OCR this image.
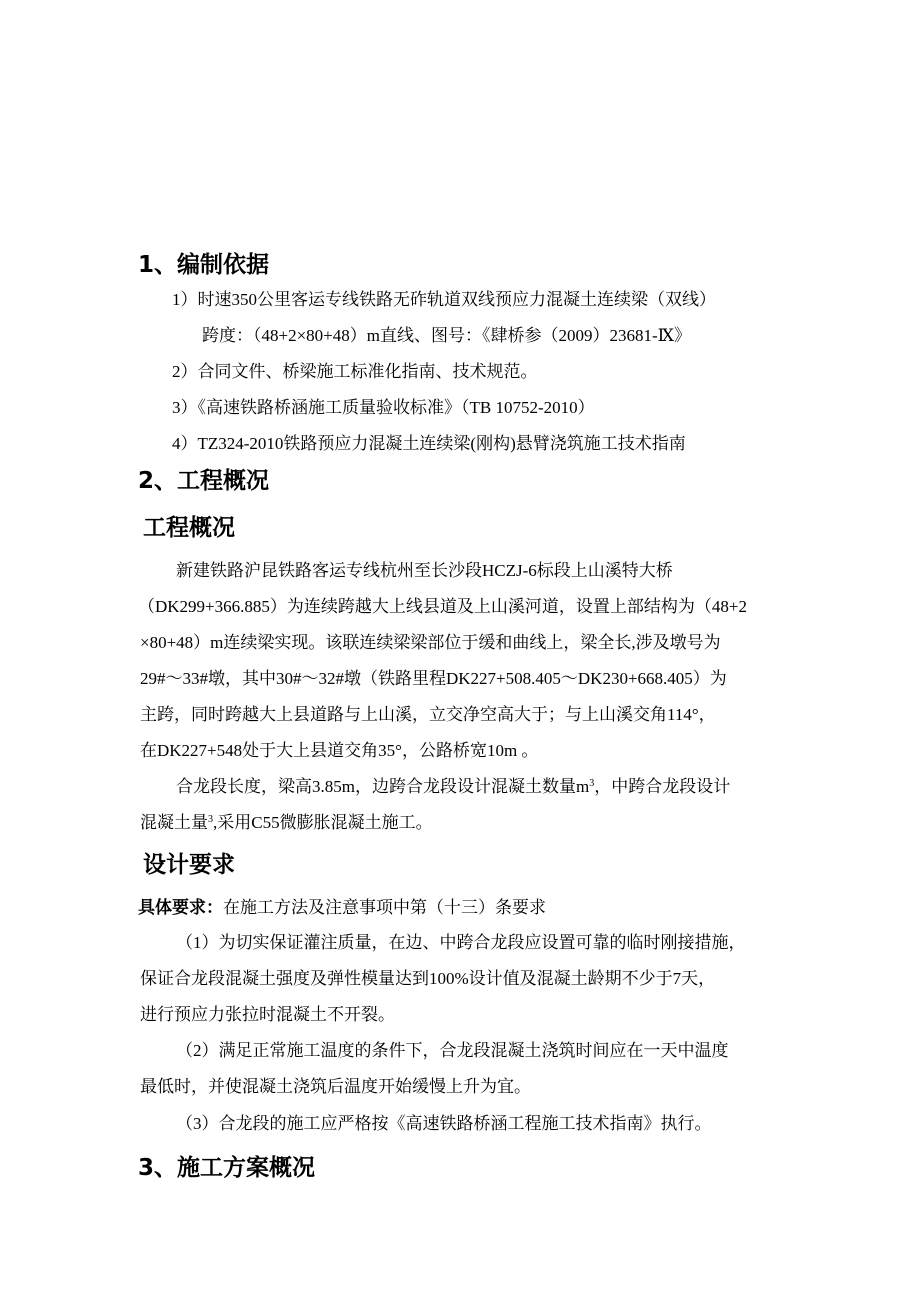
1、编制依据
1）时速350公里客运专线铁路无砟轨道双线预应力混凝土连续梁（双线）
跨度：（48+2×80+48）m直线、图号：《肆桥参（2009）23681-Ⅸ》
2）合同文件、桥梁施工标准化指南、技术规范。
3）《高速铁路桥涵施工质量验收标准》（TB 10752-2010）
4）TZ324-2010铁路预应力混凝土连续梁(刚构)悬臂浇筑施工技术指南
2、工程概况
工程概况
新建铁路沪昆铁路客运专线杭州至长沙段HCZJ-6标段上山溪特大桥
（DK299+366.885）为连续跨越大上线县道及上山溪河道，设置上部结构为（48+2
×80+48）m连续梁实现。该联连续梁梁部位于缓和曲线上，梁全长,涉及墩号为
29#～33#墩，其中30#～32#墩（铁路里程DK227+508.405～DK230+668.405）为
主跨，同时跨越大上县道路与上山溪，立交净空高大于；与上山溪交角114°，
在DK227+548处于大上县道交角35°，公路桥宽10m 。
合龙段长度，梁高3.85m，边跨合龙段设计混凝土数量$m^3$，中跨合龙段设计
混凝土量$^3$,采用C55微膨胀混凝土施工。
设计要求
具体要求：在施工方法及注意事项中第（十三）条要求
（1）为切实保证灌注质量，在边、中跨合龙段应设置可靠的临时刚接措施，
保证合龙段混凝土强度及弹性模量达到100%设计值及混凝土龄期不少于7天，
进行预应力张拉时混凝土不开裂。
（2）满足正常施工温度的条件下，合龙段混凝土浇筑时间应在一天中温度
最低时，并使混凝土浇筑后温度开始缓慢上升为宜。
（3）合龙段的施工应严格按《高速铁路桥涵工程施工技术指南》执行。
3、施工方案概况
